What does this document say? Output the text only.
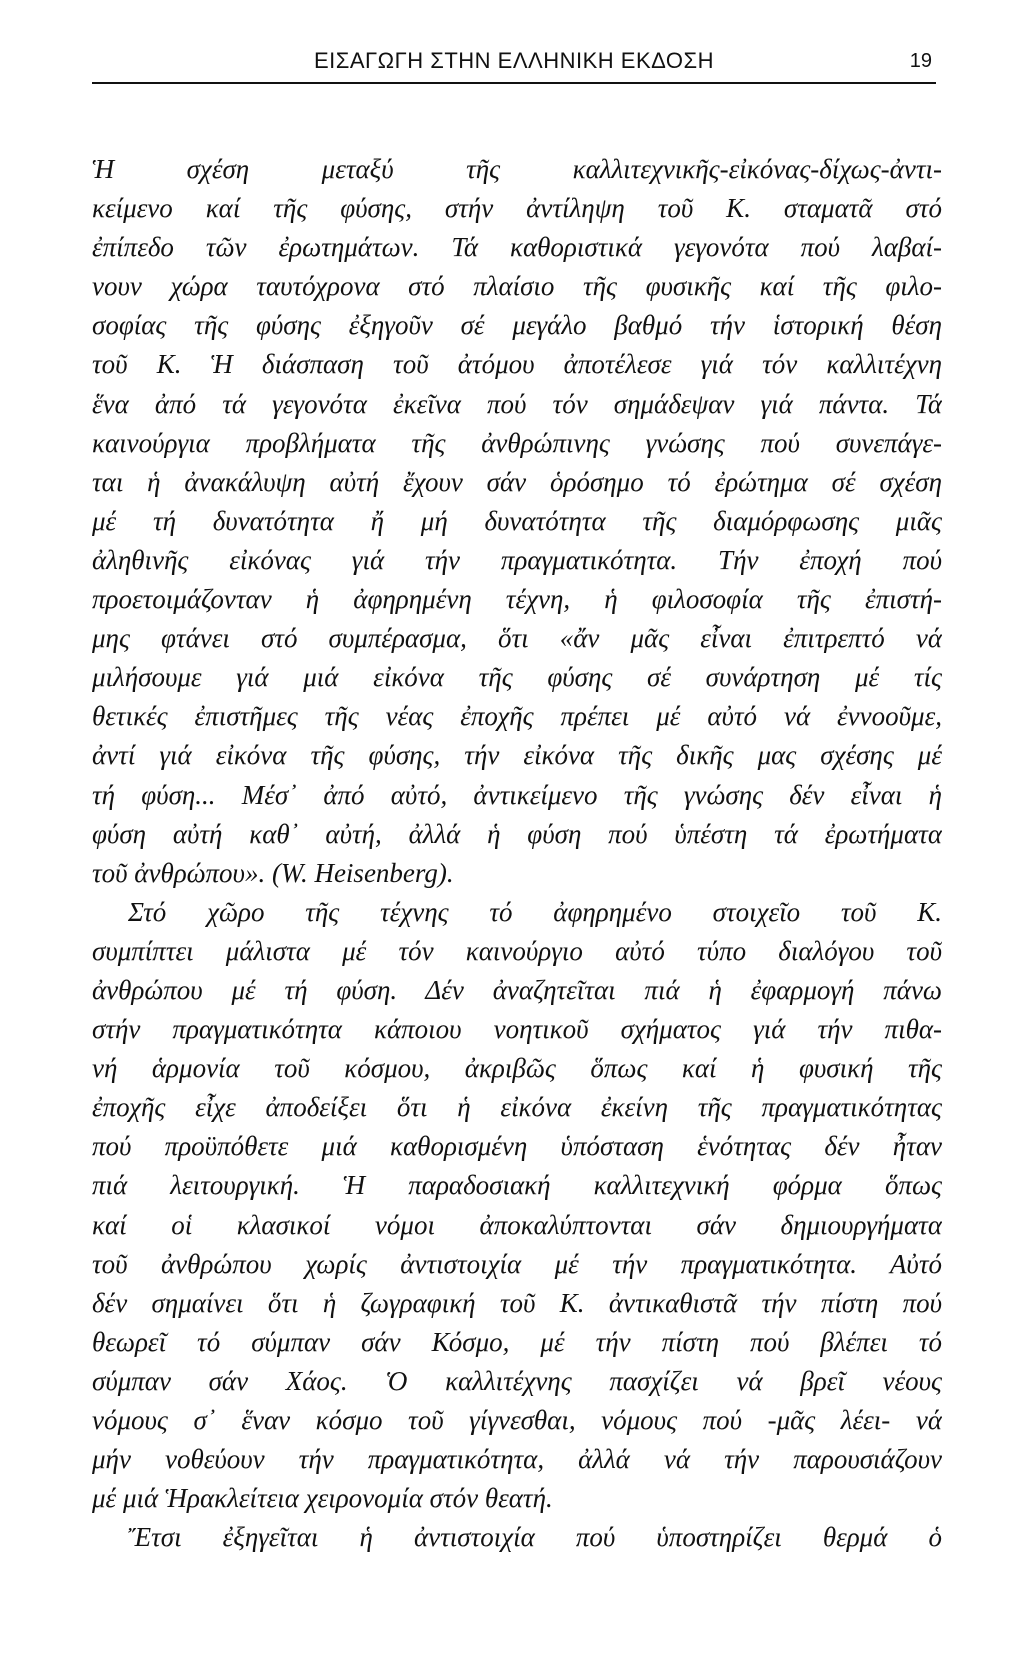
ΕΙΣΑΓΩΓΗ ΣΤΗΝ ΕΛΛΗΝΙΚΗ ΕΚΔΟΣΗ	19
Ἡ σχέση μεταξύ τῆς καλλιτεχνικῆς-εἰκόνας-δίχως-ἀντι-
κείμενο καί τῆς φύσης, στήν ἀντίληψη τοῦ Κ. σταματᾶ στό
ἐπίπεδο τῶν ἐρωτημάτων. Τά καθοριστικά γεγονότα πού λαβαί-
νουν χώρα ταυτόχρονα στό πλαίσιο τῆς φυσικῆς καί τῆς φιλο-
σοφίας τῆς φύσης ἐξηγοῦν σέ μεγάλο βαθμό τήν ἱστορική θέση
τοῦ Κ. Ἡ διάσπαση τοῦ ἀτόμου ἀποτέλεσε γιά τόν καλλιτέχνη
ἕνα ἀπό τά γεγονότα ἐκεῖνα πού τόν σημάδεψαν γιά πάντα. Τά
καινούργια προβλήματα τῆς ἀνθρώπινης γνώσης πού συνεπάγε-
ται ἡ ἀνακάλυψη αὐτή ἔχουν σάν ὁρόσημο τό ἐρώτημα σέ σχέση
μέ τή δυνατότητα ἤ μή δυνατότητα τῆς διαμόρφωσης μιᾶς
ἀληθινῆς εἰκόνας γιά τήν πραγματικότητα. Τήν ἐποχή πού
προετοιμάζονταν ἡ ἀφηρημένη τέχνη, ἡ φιλοσοφία τῆς ἐπιστή-
μης φτάνει στό συμπέρασμα, ὅτι «ἄν μᾶς εἶναι ἐπιτρεπτό νά
μιλήσουμε γιά μιά εἰκόνα τῆς φύσης σέ συνάρτηση μέ τίς
θετικές ἐπιστῆμες τῆς νέας ἐποχῆς πρέπει μέ αὐτό νά ἐννοοῦμε,
ἀντί γιά εἰκόνα τῆς φύσης, τήν εἰκόνα τῆς δικῆς μας σχέσης μέ
τή φύση... Μέσ᾿ ἀπό αὐτό, ἀντικείμενο τῆς γνώσης δέν εἶναι ἡ
φύση αὐτή καθ᾿ αὐτή, ἀλλά ἡ φύση πού ὑπέστη τά ἐρωτήματα
τοῦ ἀνθρώπου». (W. Heisenberg).
Στό χῶρο τῆς τέχνης τό ἀφηρημένο στοιχεῖο τοῦ Κ.
συμπίπτει μάλιστα μέ τόν καινούργιο αὐτό τύπο διαλόγου τοῦ
ἀνθρώπου μέ τή φύση. Δέν ἀναζητεῖται πιά ἡ ἐφαρμογή πάνω
στήν πραγματικότητα κάποιου νοητικοῦ σχήματος γιά τήν πιθα-
νή ἁρμονία τοῦ κόσμου, ἀκριβῶς ὅπως καί ἡ φυσική τῆς
ἐποχῆς εἶχε ἀποδείξει ὅτι ἡ εἰκόνα ἐκείνη τῆς πραγματικότητας
πού προϋπόθετε μιά καθορισμένη ὑπόσταση ἑνότητας δέν ἦταν
πιά λειτουργική. Ἡ παραδοσιακή καλλιτεχνική φόρμα ὅπως
καί οἱ κλασικοί νόμοι ἀποκαλύπτονται σάν δημιουργήματα
τοῦ ἀνθρώπου χωρίς ἀντιστοιχία μέ τήν πραγματικότητα. Αὐτό
δέν σημαίνει ὅτι ἡ ζωγραφική τοῦ Κ. ἀντικαθιστᾶ τήν πίστη πού
θεωρεῖ τό σύμπαν σάν Κόσμο, μέ τήν πίστη πού βλέπει τό
σύμπαν σάν Χάος. Ὁ καλλιτέχνης πασχίζει νά βρεῖ νέους
νόμους σ᾿ ἕναν κόσμο τοῦ γίγνεσθαι, νόμους πού -μᾶς λέει- νά
μήν νοθεύουν τήν πραγματικότητα, ἀλλά νά τήν παρουσιάζουν
μέ μιά Ἡρακλείτεια χειρονομία στόν θεατή.
Ἔτσι ἐξηγεῖται ἡ ἀντιστοιχία πού ὑποστηρίζει θερμά ὁ
